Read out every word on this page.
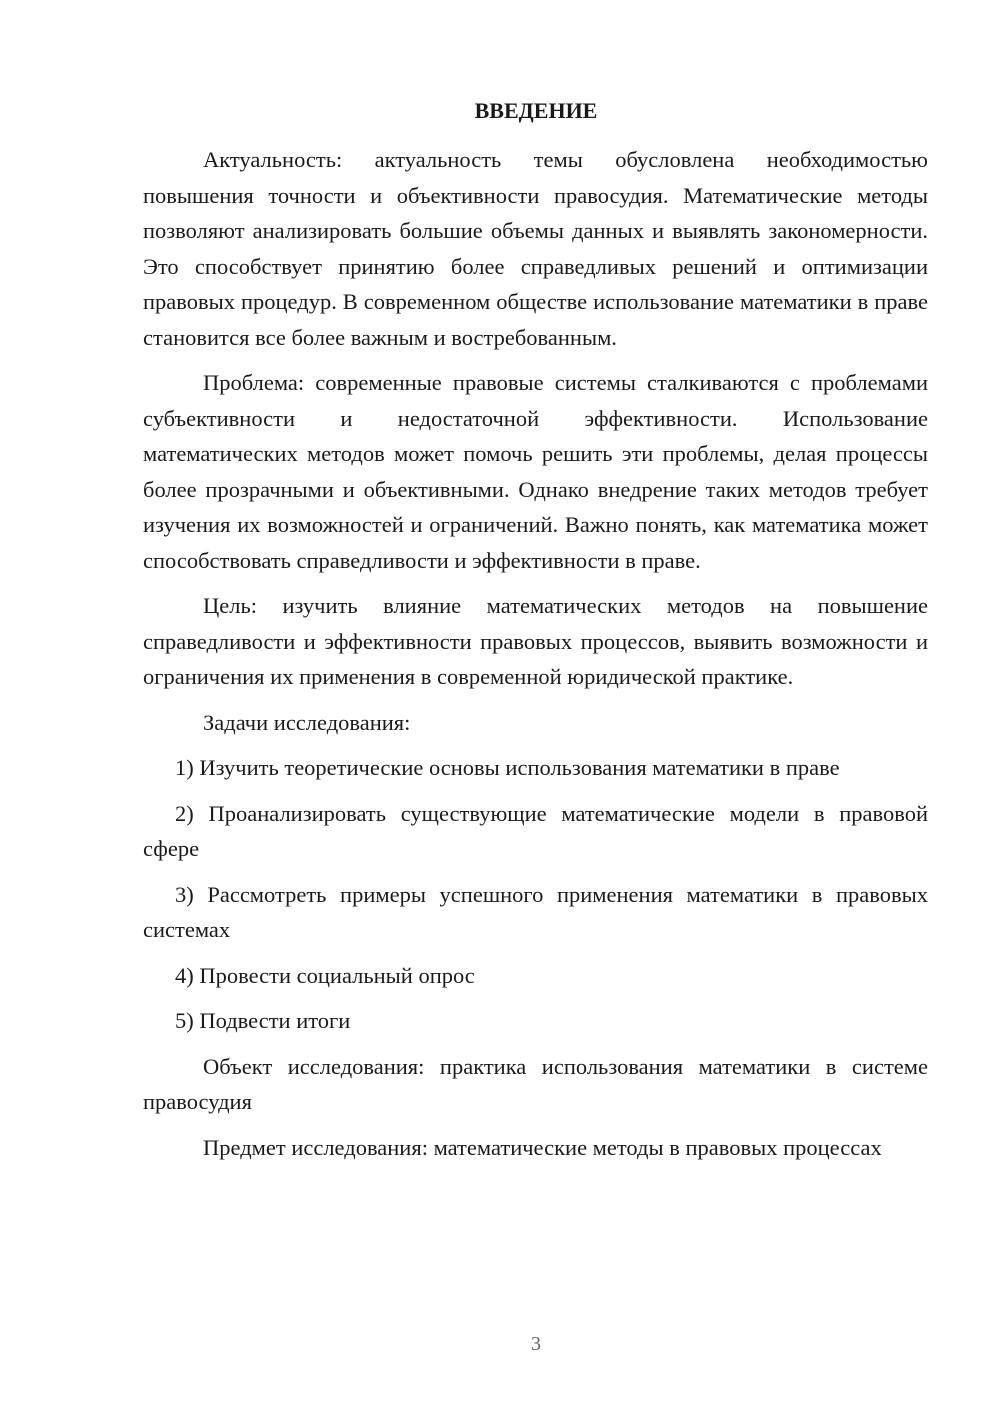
ВВЕДЕНИЕ

Актуальность: актуальность темы обусловлена необходимостью повышения точности и объективности правосудия. Математические методы позволяют анализировать большие объемы данных и выявлять закономерности. Это способствует принятию более справедливых решений и оптимизации правовых процедур. В современном обществе использование математики в праве становится все более важным и востребованным.

Проблема: современные правовые системы сталкиваются с проблемами субъективности и недостаточной эффективности. Использование математических методов может помочь решить эти проблемы, делая процессы более прозрачными и объективными. Однако внедрение таких методов требует изучения их возможностей и ограничений. Важно понять, как математика может способствовать справедливости и эффективности в праве.

Цель: изучить влияние математических методов на повышение справедливости и эффективности правовых процессов, выявить возможности и ограничения их применения в современной юридической практике.

Задачи исследования:

1) Изучить теоретические основы использования математики в праве

2) Проанализировать существующие математические модели в правовой сфере

3) Рассмотреть примеры успешного применения математики в правовых системах

4) Провести социальный опрос

5) Подвести итоги

Объект исследования: практика использования математики в системе правосудия

Предмет исследования: математические методы в правовых процессах

3
